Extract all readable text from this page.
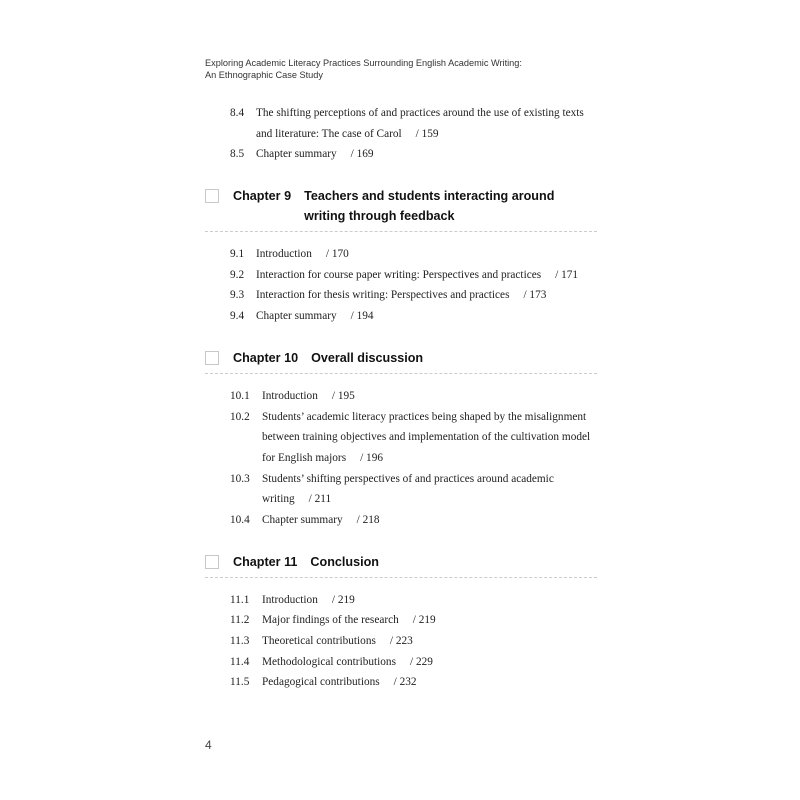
Exploring Academic Literacy Practices Surrounding English Academic Writing:
An Ethnographic Case Study
8.4	The shifting perceptions of and practices around the use of existing texts
and literature: The case of Carol / 159
8.5	Chapter summary / 169
Chapter 9 Teachers and students interacting around
writing through feedback
9.1	Introduction / 170
9.2	Interaction for course paper writing: Perspectives and practices / 171
9.3	Interaction for thesis writing: Perspectives and practices / 173
9.4	Chapter summary / 194
Chapter 10 Overall discussion
10.1	Introduction / 195
10.2	Students’ academic literacy practices being shaped by the misalignment
between training objectives and implementation of the cultivation model
for English majors / 196
10.3	Students’ shifting perspectives of and practices around academic
writing / 211
10.4	Chapter summary / 218
Chapter 11 Conclusion
11.1	Introduction / 219
11.2	Major findings of the research / 219
11.3	Theoretical contributions / 223
11.4	Methodological contributions / 229
11.5	Pedagogical contributions / 232
4
